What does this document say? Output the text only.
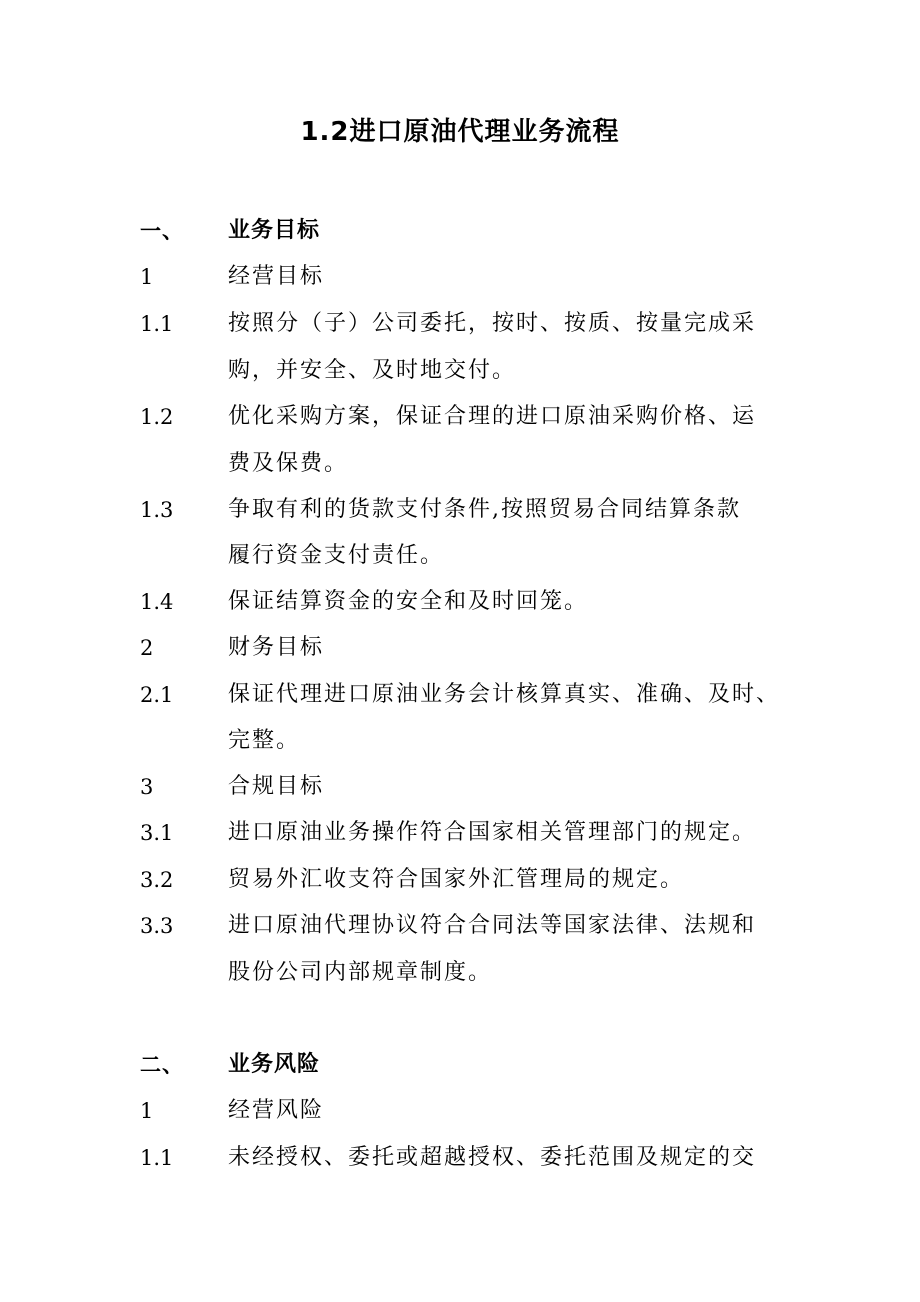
1.2进口原油代理业务流程
一、 业务目标
1	经营目标
1.1 按照分（子）公司委托，按时、按质、按量完成采
购，并安全、及时地交付。
1.2 优化采购方案，保证合理的进口原油采购价格、运
费及保费。
1.3 争取有利的货款支付条件,按照贸易合同结算条款
履行资金支付责任。
1.4 保证结算资金的安全和及时回笼。
2	财务目标
2.1 保证代理进口原油业务会计核算真实、准确、及时、
完整。
3	合规目标
3.1 进口原油业务操作符合国家相关管理部门的规定。
3.2 贸易外汇收支符合国家外汇管理局的规定。
3.3 进口原油代理协议符合合同法等国家法律、法规和
股份公司内部规章制度。
二、 业务风险
1	经营风险
1.1 未经授权、委托或超越授权、委托范围及规定的交
